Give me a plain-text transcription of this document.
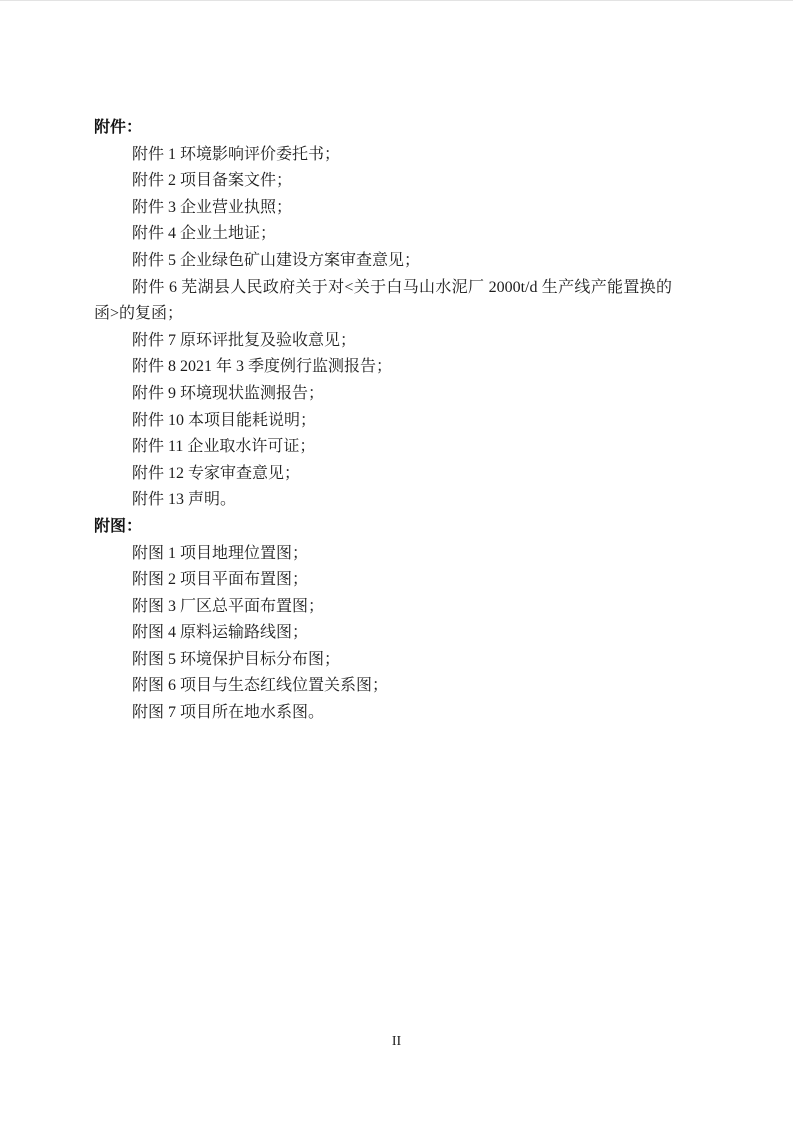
附件：

附件 1 环境影响评价委托书；

附件 2 项目备案文件；

附件 3 企业营业执照；

附件 4 企业土地证；

附件 5 企业绿色矿山建设方案审查意见；

附件 6 芜湖县人民政府关于对<关于白马山水泥厂 2000t/d 生产线产能置换的函>的复函；

附件 7 原环评批复及验收意见；

附件 8 2021 年 3 季度例行监测报告；

附件 9 环境现状监测报告；

附件 10 本项目能耗说明；

附件 11 企业取水许可证；

附件 12 专家审查意见；

附件 13 声明。

附图：

附图 1 项目地理位置图；

附图 2 项目平面布置图；

附图 3 厂区总平面布置图；

附图 4 原料运输路线图；

附图 5 环境保护目标分布图；

附图 6 项目与生态红线位置关系图；

附图 7 项目所在地水系图。

II
